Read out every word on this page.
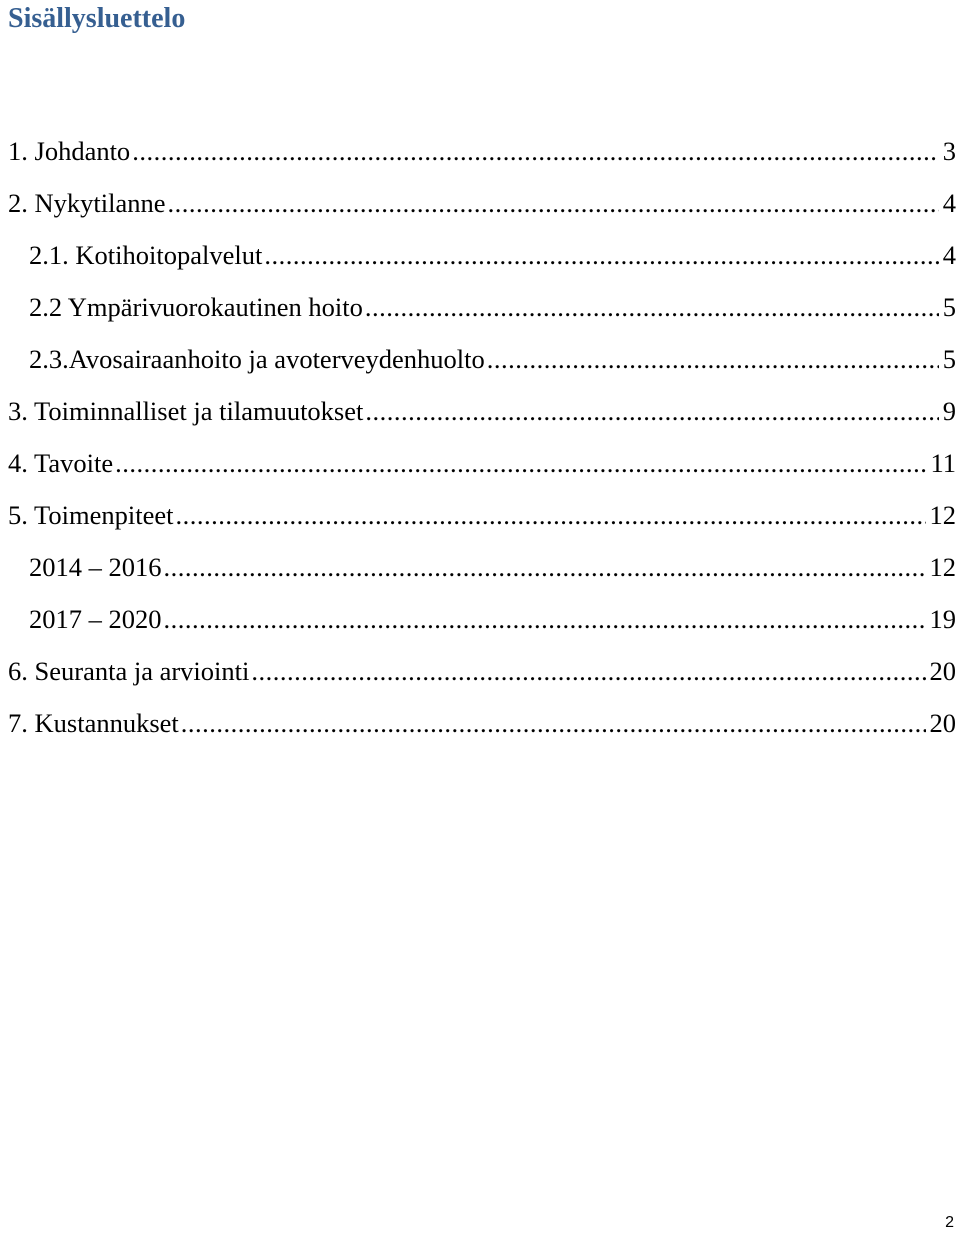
Sisällysluettelo
1. Johdanto .....	3
2. Nykytilanne .....	4
2.1. Kotihoitopalvelut .....	4
2.2 Ympärivuorokautinen hoito .....	5
2.3.Avosairaanhoito ja avoterveydenhuolto .....	5
3. Toiminnalliset ja tilamuutokset .....	9
4. Tavoite .....	11
5. Toimenpiteet .....	12
2014 – 2016 .....	12
2017 – 2020 .....	19
6. Seuranta ja arviointi .....	20
7. Kustannukset .....	20
2
